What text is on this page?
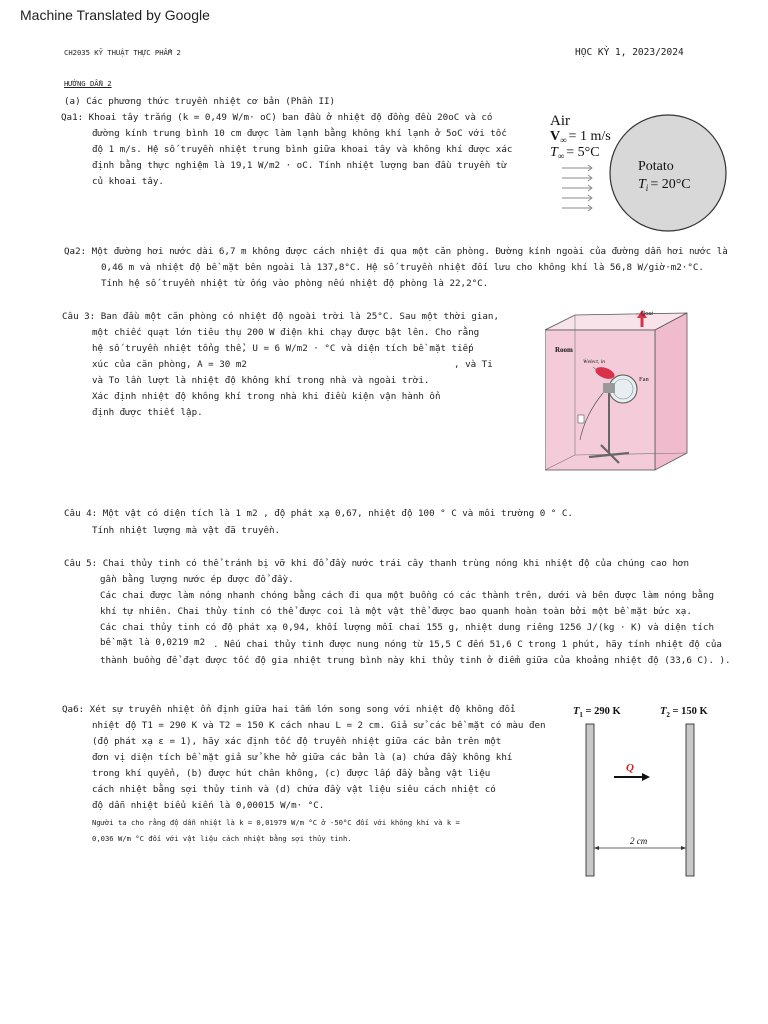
Machine Translated by Google
CH2035 KỸ THUẬT THỰC PHẨM 2	HỌC KỲ 1, 2023/2024
HƯỚNG DẪN 2
(a) Các phương thức truyền nhiệt cơ bản (Phần II)
Qa1: Khoai tây trắng (k = 0,49 W/m· oC) ban đầu ở nhiệt độ đồng đều 20oC và có
đường kính trung bình 10 cm được làm lạnh bằng không khí lạnh ở 5oC với tốc
độ 1 m/s. Hệ số truyền nhiệt trung bình giữa khoai tây và không khí được xác
định bằng thực nghiệm là 19,1 W/m2 · oC. Tính nhiệt lượng ban đầu truyền từ
củ khoai tây.
Air
$V_\infty = 1$ m/s
$T_\infty = 5^\circ C$
Potato
$T_i = 20^\circ C$
Qa2: Một đường hơi nước dài 6,7 m không được cách nhiệt đi qua một căn phòng. Đường kính ngoài của đường dẫn hơi nước là
0,46 m và nhiệt độ bề mặt bên ngoài là 137,8°C. Hệ số truyền nhiệt đối lưu cho không khí là 56,8 W/giờ·m2·°C.
Tính hệ số truyền nhiệt từ ống vào phòng nếu nhiệt độ phòng là 22,2°C.
Câu 3: Ban đầu một căn phòng có nhiệt độ ngoài trời là 25°C. Sau một thời gian,
một chiếc quạt lớn tiêu thụ 200 W điện khi chạy được bật lên. Cho rằng
hệ số truyền nhiệt tổng thể, U = 6 W/m2 · °C và diện tích bề mặt tiếp
xúc của căn phòng, A = 30 m2	, và Ti
và To lần lượt là nhiệt độ không khí trong nhà và ngoài trời.
Xác định nhiệt độ không khí trong nhà khi điều kiện vận hành ổn
định được thiết lập.
Q̇out
Room
Ẇelect, in
Fan
Câu 4: Một vật có diện tích là 1 m2 , độ phát xạ 0,67, nhiệt độ 100 ° C và môi trường 0 ° C.
Tính nhiệt lượng mà vật đã truyền.
Câu 5: Chai thủy tinh có thể tránh bị vỡ khi đổ đầy nước trái cây thanh trùng nóng khi nhiệt độ của chúng cao hơn
gần bằng lượng nước ép được đổ đầy.
Các chai được làm nóng nhanh chóng bằng cách đi qua một buồng có các thành trên, dưới và bên được làm nóng bằng
khí tự nhiên. Chai thủy tinh có thể được coi là một vật thể được bao quanh hoàn toàn bởi một bề mặt bức xạ.
Các chai thủy tinh có độ phát xạ 0,94, khối lượng mỗi chai 155 g, nhiệt dung riêng 1256 J/(kg · K) và diện tích
bề mặt là 0,0219 m2 . Nếu chai thủy tinh được nung nóng từ 15,5 C đến 51,6 C trong 1 phút, hãy tính nhiệt độ của
thành buồng để đạt được tốc độ gia nhiệt trung bình này khi thủy tinh ở điểm giữa của khoảng nhiệt độ (33,6 C). ).
Qa6: Xét sự truyền nhiệt ổn định giữa hai tấm lớn song song với nhiệt độ không đổi
nhiệt độ T1 = 290 K và T2 = 150 K cách nhau L = 2 cm. Giả sử các bề mặt có màu đen
(độ phát xạ ε = 1), hãy xác định tốc độ truyền nhiệt giữa các bản trên một
đơn vị diện tích bề mặt giả sử khe hở giữa các bản là (a) chứa đầy không khí
trong khí quyển, (b) được hút chân không, (c) được lấp đầy bằng vật liệu
cách nhiệt bằng sợi thủy tinh và (d) chứa đầy vật liệu siêu cách nhiệt có
độ dẫn nhiệt biểu kiến là 0,00015 W/m· °C.
Người ta cho rằng độ dẫn nhiệt là k = 0,01979 W/m °C ở -50°C đối với không khí và k =
0,036 W/m °C đối với vật liệu cách nhiệt bằng sợi thủy tinh.
$T_1 = 290$ K	$T_2 = 150$ K
Q
2 cm
